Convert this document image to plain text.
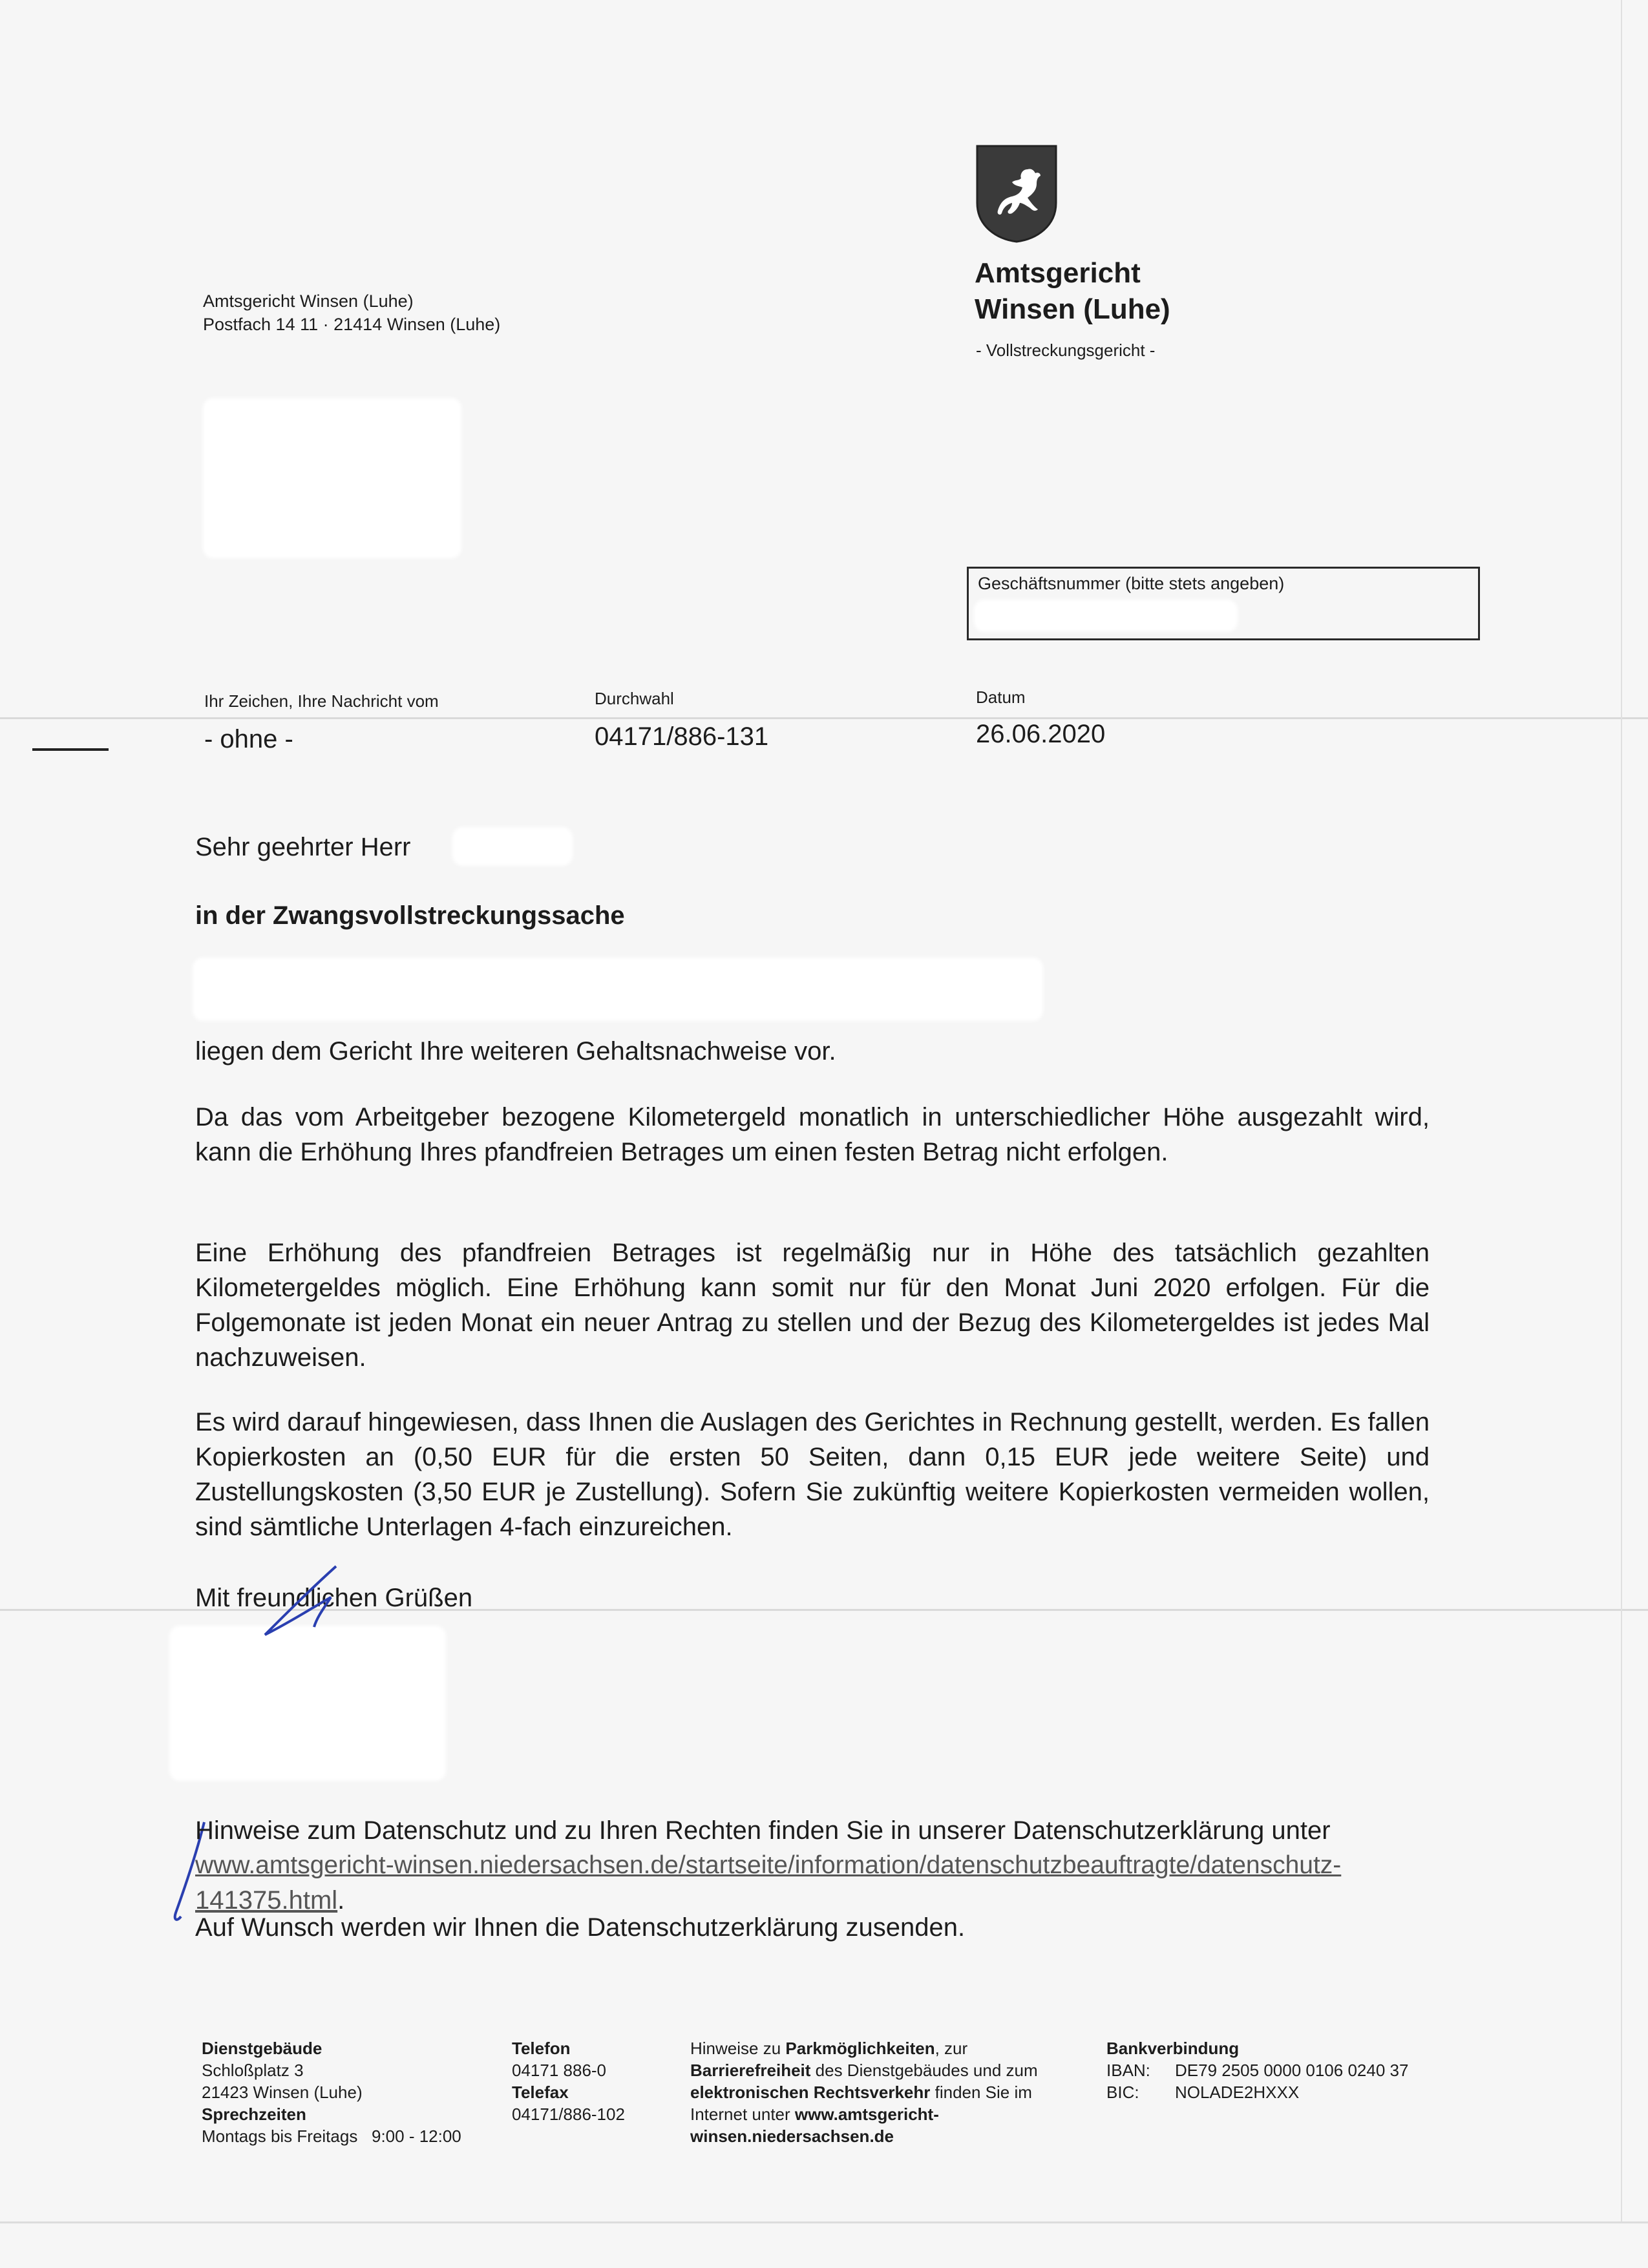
Amtsgericht Winsen (Luhe)
Postfach 14 11 · 21414 Winsen (Luhe)
Amtsgericht
Winsen (Luhe)
- Vollstreckungsgericht -
Geschäftsnummer (bitte stets angeben)
Ihr Zeichen, Ihre Nachricht vom
- ohne -
Durchwahl
04171/886-131
Datum
26.06.2020
Sehr geehrter Herr
in der Zwangsvollstreckungssache
liegen dem Gericht Ihre weiteren Gehaltsnachweise vor.
Da das vom Arbeitgeber bezogene Kilometergeld monatlich in unterschiedlicher Höhe ausgezahlt wird, kann die Erhöhung Ihres pfandfreien Betrages um einen festen Betrag nicht erfolgen.
Eine Erhöhung des pfandfreien Betrages ist regelmäßig nur in Höhe des tatsächlich gezahlten Kilometergeldes möglich. Eine Erhöhung kann somit nur für den Monat Juni 2020 erfolgen. Für die Folgemonate ist jeden Monat ein neuer Antrag zu stellen und der Bezug des Kilometergeldes ist jedes Mal nachzuweisen.
Es wird darauf hingewiesen, dass Ihnen die Auslagen des Gerichtes in Rechnung gestellt, werden. Es fallen Kopierkosten an (0,50 EUR für die ersten 50 Seiten, dann 0,15 EUR jede weitere Seite) und Zustellungskosten (3,50 EUR je Zustellung). Sofern Sie zukünftig weitere Kopierkosten vermeiden wollen, sind sämtliche Unterlagen 4-fach einzureichen.
Mit freundlichen Grüßen
Hinweise zum Datenschutz und zu Ihren Rechten finden Sie in unserer Datenschutzerklärung unter
www.amtsgericht-winsen.niedersachsen.de/startseite/information/datenschutzbeauftragte/datenschutz-
141375.html.
Auf Wunsch werden wir Ihnen die Datenschutzerklärung zusenden.
Dienstgebäude
Schloßplatz 3
21423 Winsen (Luhe)
Sprechzeiten
Montags bis Freitags   9:00 - 12:00
Telefon
04171 886-0
Telefax
04171/886-102
Hinweise zu Parkmöglichkeiten, zur
Barrierefreiheit des Dienstgebäudes und zum
elektronischen Rechtsverkehr finden Sie im
Internet unter www.amtsgericht-
winsen.niedersachsen.de
Bankverbindung
IBAN: DE79 2505 0000 0106 0240 37
BIC: NOLADE2HXXX
